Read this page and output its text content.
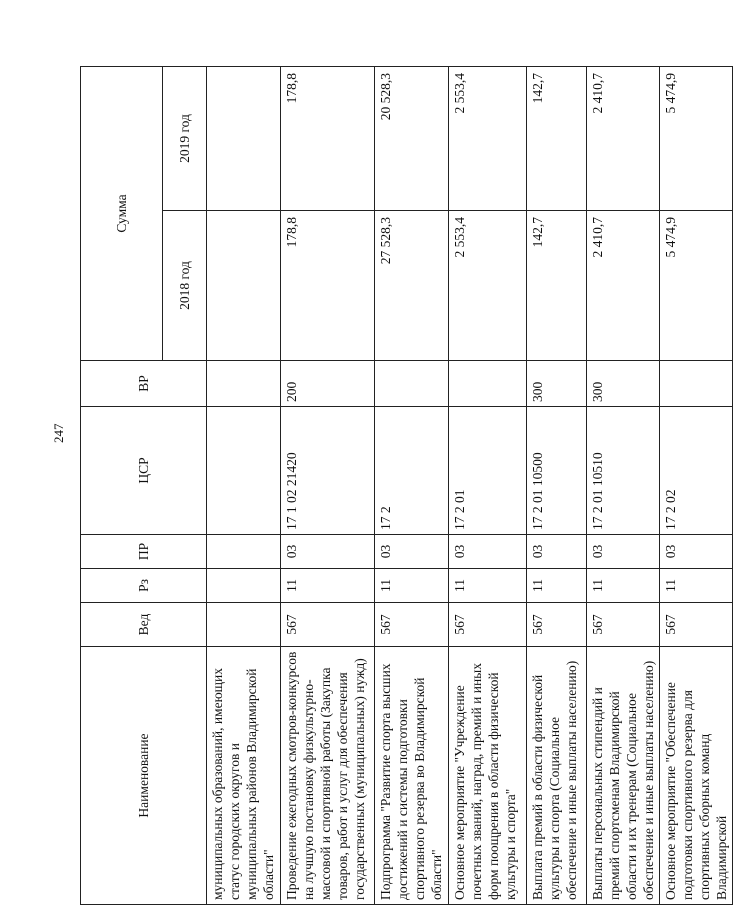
247
Наименование	Вед	Рз	ПР	ЦСР	ВР	Сумма	
						2018 год	2019 год
муниципальных образований, имеющих статус городских округов и муниципальных районов Владимирской области"							
Проведение ежегодных смотров-конкурсов на лучшую постановку физкультурно-массовой и спортивной работы (Закупка товаров, работ и услуг для обеспечения государственных (муниципальных) нужд)	567	11	03	17 1 02 21420	200	178,8	178,8
Подпрограмма "Развитие спорта высших достижений и системы подготовки спортивного резерва во Владимирской области"	567	11	03	17 2		27 528,3	20 528,3
Основное мероприятие "Учреждение почетных званий, наград, премий и иных форм поощрения в области физической культуры и спорта"	567	11	03	17 2 01		2 553,4	2 553,4
Выплата премий в области физической культуры и спорта (Социальное обеспечение и иные выплаты населению)	567	11	03	17 2 01 10500	300	142,7	142,7
Выплаты персональных стипендий и премий спортсменам Владимирской области и их тренерам (Социальное обеспечение и иные выплаты населению)	567	11	03	17 2 01 10510	300	2 410,7	2 410,7
Основное мероприятие "Обеспечение подготовки спортивного резерва для спортивных сборных команд Владимирской	567	11	03	17 2 02		5 474,9	5 474,9
